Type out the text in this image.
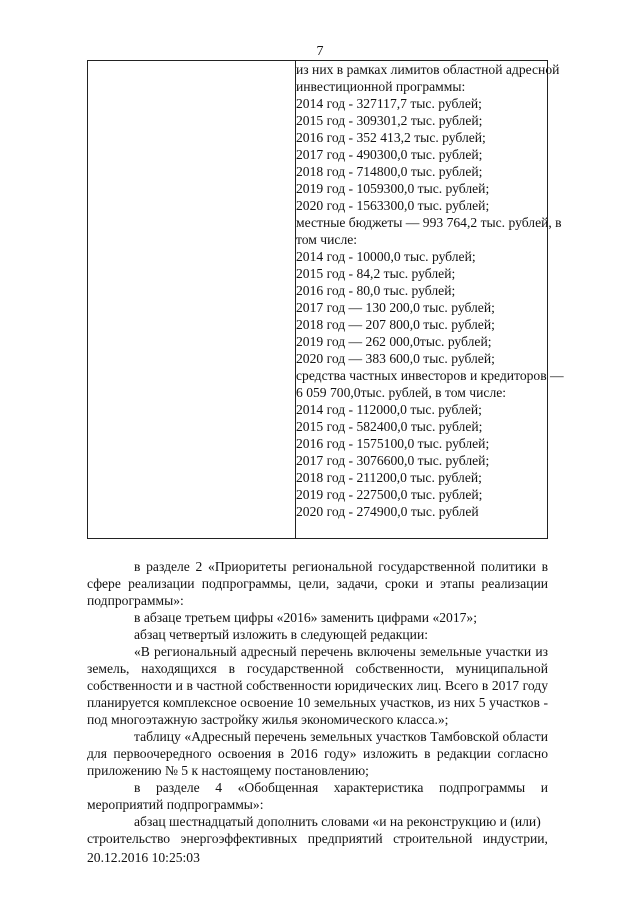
7

из них в рамках лимитов областной адресной
инвестиционной программы:
2014 год - 327117,7 тыс. рублей;
2015 год - 309301,2 тыс. рублей;
2016 год - 352 413,2 тыс. рублей;
2017 год - 490300,0 тыс. рублей;
2018 год - 714800,0 тыс. рублей;
2019 год - 1059300,0 тыс. рублей;
2020 год - 1563300,0 тыс. рублей;
местные бюджеты — 993 764,2 тыс. рублей, в
том числе:
2014 год - 10000,0 тыс. рублей;
2015 год - 84,2 тыс. рублей;
2016 год - 80,0 тыс. рублей;
2017 год — 130 200,0 тыс. рублей;
2018 год — 207 800,0 тыс. рублей;
2019 год — 262 000,0тыс. рублей;
2020 год — 383 600,0 тыс. рублей;
средства частных инвесторов и кредиторов —
6 059 700,0тыс. рублей, в том числе:
2014 год - 112000,0 тыс. рублей;
2015 год - 582400,0 тыс. рублей;
2016 год - 1575100,0 тыс. рублей;
2017 год - 3076600,0 тыс. рублей;
2018 год - 211200,0 тыс. рублей;
2019 год - 227500,0 тыс. рублей;
2020 год - 274900,0 тыс. рублей

в разделе 2 «Приоритеты региональной государственной политики в сфере реализации подпрограммы, цели, задачи, сроки и этапы реализации подпрограммы»:

в абзаце третьем цифры «2016» заменить цифрами «2017»;

абзац четвертый изложить в следующей редакции:

«В региональный адресный перечень включены земельные участки из земель, находящихся в государственной собственности, муниципальной собственности и в частной собственности юридических лиц. Всего в 2017 году планируется комплексное освоение 10 земельных участков, из них 5 участков - под многоэтажную застройку жилья экономического класса.»;

таблицу «Адресный перечень земельных участков Тамбовской области для первоочередного освоения в 2016 году» изложить в редакции согласно приложению № 5 к настоящему постановлению;

в разделе 4 «Обобщенная характеристика подпрограммы и мероприятий подпрограммы»:

абзац шестнадцатый дополнить словами «и на реконструкцию и (или)

строительство энергоэффективных предприятий строительной индустрии,
20.12.2016 10:25:03
